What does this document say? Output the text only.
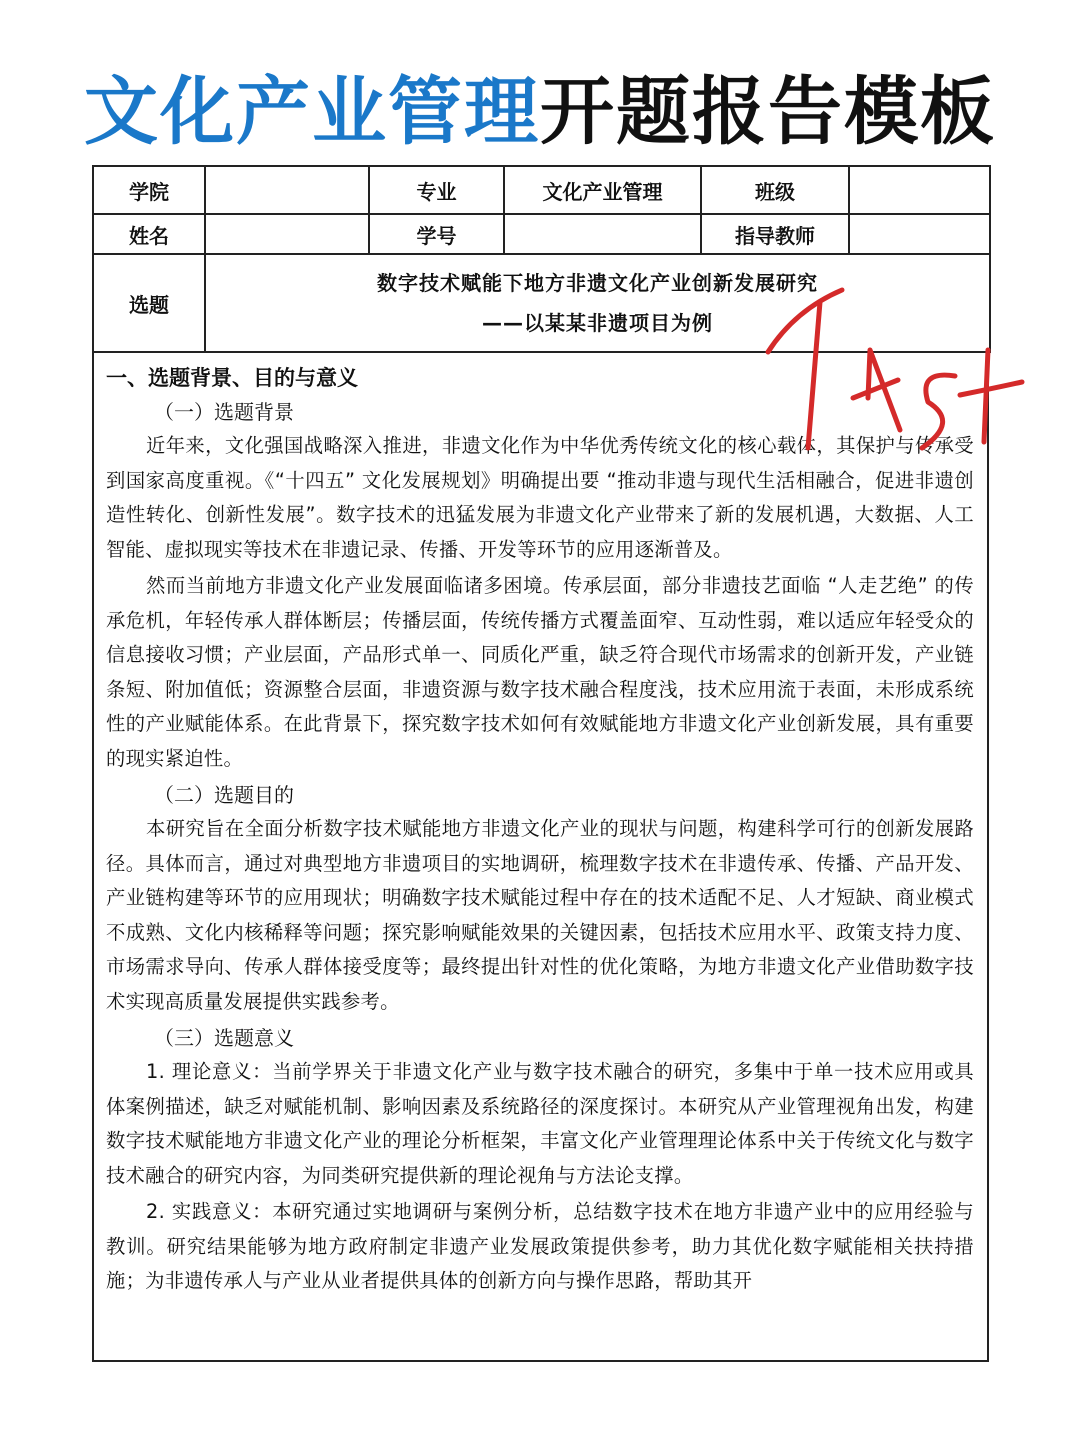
文化产业管理开题报告模板
学院		专业	文化产业管理	班级	
姓名		学号		指导教师	
选题	数字技术赋能下地方非遗文化产业创新发展研究
——以某某非遗项目为例				

一、选题背景、目的与意义

（一）选题背景

近年来，文化强国战略深入推进，非遗文化作为中华优秀传统文化的核心载体，其保护与传承受到国家高度重视。《“十四五” 文化发展规划》明确提出要 “推动非遗与现代生活相融合，促进非遗创造性转化、创新性发展”。数字技术的迅猛发展为非遗文化产业带来了新的发展机遇，大数据、人工智能、虚拟现实等技术在非遗记录、传播、开发等环节的应用逐渐普及。

然而当前地方非遗文化产业发展面临诸多困境。传承层面，部分非遗技艺面临 “人走艺绝” 的传承危机，年轻传承人群体断层；传播层面，传统传播方式覆盖面窄、互动性弱，难以适应年轻受众的信息接收习惯；产业层面，产品形式单一、同质化严重，缺乏符合现代市场需求的创新开发，产业链条短、附加值低；资源整合层面，非遗资源与数字技术融合程度浅，技术应用流于表面，未形成系统性的产业赋能体系。在此背景下，探究数字技术如何有效赋能地方非遗文化产业创新发展，具有重要的现实紧迫性。

（二）选题目的

本研究旨在全面分析数字技术赋能地方非遗文化产业的现状与问题，构建科学可行的创新发展路径。具体而言，通过对典型地方非遗项目的实地调研，梳理数字技术在非遗传承、传播、产品开发、产业链构建等环节的应用现状；明确数字技术赋能过程中存在的技术适配不足、人才短缺、商业模式不成熟、文化内核稀释等问题；探究影响赋能效果的关键因素，包括技术应用水平、政策支持力度、市场需求导向、传承人群体接受度等；最终提出针对性的优化策略，为地方非遗文化产业借助数字技术实现高质量发展提供实践参考。

（三）选题意义

1. 理论意义：当前学界关于非遗文化产业与数字技术融合的研究，多集中于单一技术应用或具体案例描述，缺乏对赋能机制、影响因素及系统路径的深度探讨。本研究从产业管理视角出发，构建数字技术赋能地方非遗文化产业的理论分析框架，丰富文化产业管理理论体系中关于传统文化与数字技术融合的研究内容，为同类研究提供新的理论视角与方法论支撑。

2. 实践意义：本研究通过实地调研与案例分析，总结数字技术在地方非遗产业中的应用经验与教训。研究结果能够为地方政府制定非遗产业发展政策提供参考，助力其优化数字赋能相关扶持措施；为非遗传承人与产业从业者提供具体的创新方向与操作思路，帮助其开
